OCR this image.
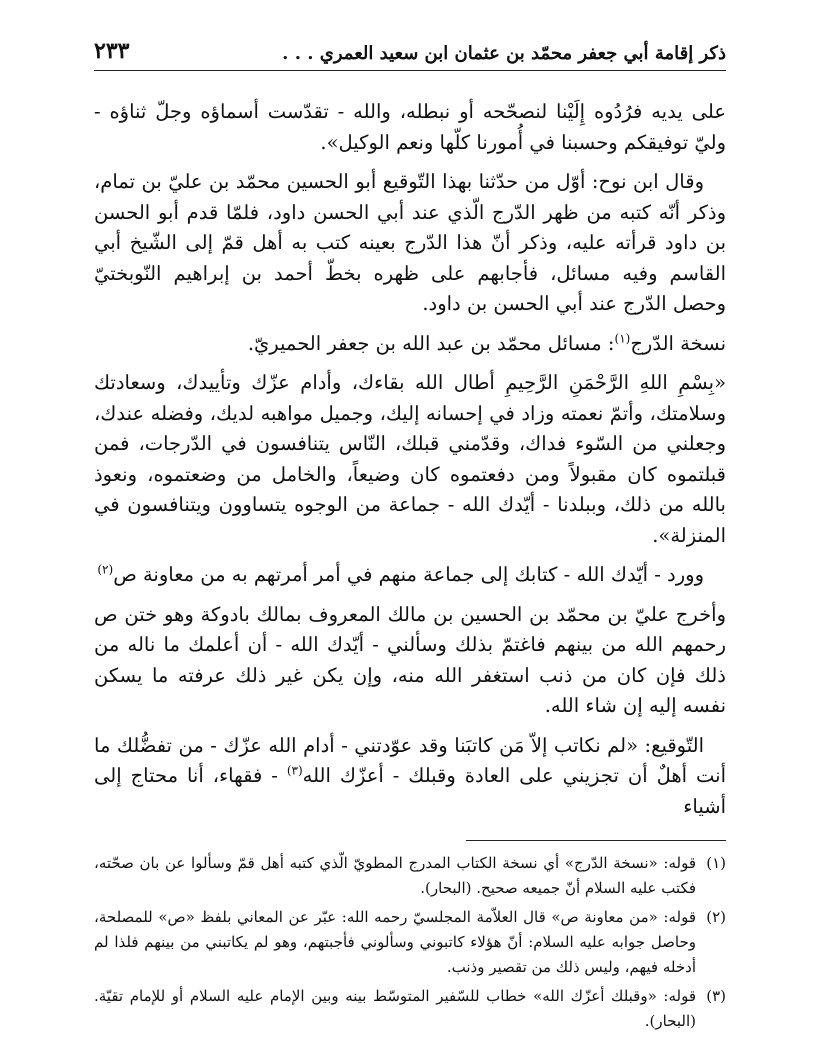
ذكر إقامة أبي جعفر محمّد بن عثمان ابن سعيد العمري . . .
٢٣٣

على يديه فرُدُوه إِلَيْنا لنصحّحه أو نبطله، والله - تقدّست أسماؤه وجلّ ثناؤه - وليّ توفيقكم وحسبنا في أُمورنا كلّها ونعم الوكيل».

وقال ابن نوح: أوّل من حدّثنا بهذا التّوقيع أبو الحسين محمّد بن عليّ بن تمام، وذكر أنّه كتبه من ظهر الدّرج الّذي عند أبي الحسن داود، فلمّا قدم أبو الحسن بن داود قرأته عليه، وذكر أنّ هذا الدّرج بعينه كتب به أهل قمّ إلى الشّيخ أبي القاسم وفيه مسائل، فأجابهم على ظهره بخطّ أحمد بن إبراهيم النّوبختيّ وحصل الدّرج عند أبي الحسن بن داود.

نسخة الدّرج$^{(١)}$: مسائل محمّد بن عبد الله بن جعفر الحميريّ.

«بِسْمِ اللهِ الرَّحْمَنِ الرَّحِيمِ أطال الله بقاءك، وأدام عزّك وتأييدك، وسعادتك وسلامتك، وأتمّ نعمته وزاد في إحسانه إليك، وجميل مواهبه لديك، وفضله عندك، وجعلني من السّوء فداك، وقدّمني قبلك، النّاس يتنافسون في الدّرجات، فمن قبلتموه كان مقبولاً ومن دفعتموه كان وضيعاً، والخامل من وضعتموه، ونعوذ بالله من ذلك، وببلدنا - أيّدك الله - جماعة من الوجوه يتساوون ويتنافسون في المنزلة».

وورد - أيّدك الله - كتابك إلى جماعة منهم في أمر أمرتهم به من معاونة ص$^{(٢)}$

وأخرج عليّ بن محمّد بن الحسين بن مالك المعروف بمالك بادوكة وهو ختن ص رحمهم الله من بينهم فاغتمّ بذلك وسألني - أيّدك الله - أن أعلمك ما ناله من ذلك فإن كان من ذنب استغفر الله منه، وإن يكن غير ذلك عرفته ما يسكن نفسه إليه إن شاء الله.

التّوقيع: «لم نكاتب إلاّ مَن كاتبَنا وقد عوّدتني - أدام الله عزّك - من تفضُّلك ما أنت أهلٌ أن تجزيني على العادة وقبلك - أعزّك الله$^{(٣)}$ - فقهاء، أنا محتاج إلى أشياء

(١)
قوله: «نسخة الدّرج» أي نسخة الكتاب المدرج المطويّ الّذي كتبه أهل قمّ وسألوا عن بان صحّته، فكتب عليه السلام أنّ جميعه صحيح. (البحار).
(٢)
قوله: «من معاونة ص» قال العلاّمة المجلسيّ رحمه الله: عبّر عن المعاني بلفظ «ص» للمصلحة، وحاصل جوابه عليه السلام: أنّ هؤلاء كاتبوني وسألوني فأجبتهم، وهو لم يكاتبني من بينهم فلذا لم أدخله فيهم، وليس ذلك من تقصير وذنب.
(٣)
قوله: «وقبلك أعزّك الله» خطاب للسّفير المتوسّط بينه وبين الإمام عليه السلام أو للإمام تقيّة. (البحار).
